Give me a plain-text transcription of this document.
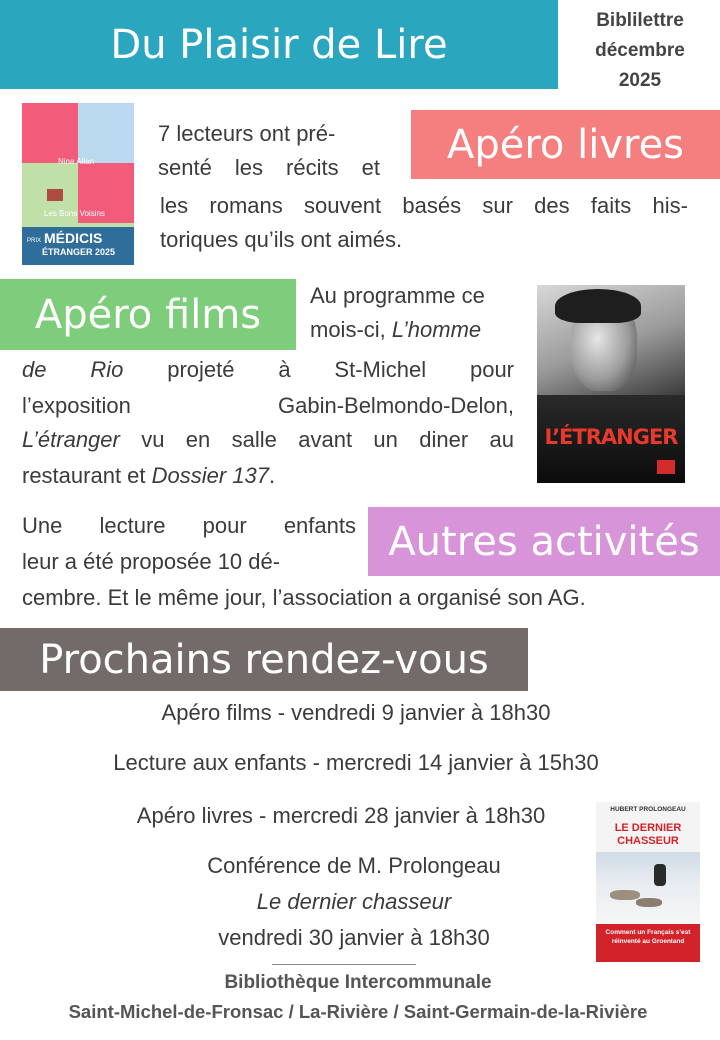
Du Plaisir de Lire
Biblilettre
décembre
2025
Nina Allan
Les Bons Voisins
PRIX MÉDICIS
ÉTRANGER 2025
Apéro livres
7 lecteurs ont pré-
senté les récits et
les romans souvent basés sur des faits his-
toriques qu’ils ont aimés.
Apéro films Au programme ce
mois-ci, L’homme
de Rio projeté à St-Michel pour
l’exposition Gabin-Belmondo-Delon,
L’étranger vu en salle avant un diner au
restaurant et Dossier 137.
L’ÉTRANGER
Autres activités
Une lecture pour enfants
leur a été proposée 10 dé-
cembre. Et le même jour, l’association a organisé son AG.
Prochains rendez-vous
Apéro films - vendredi 9 janvier à 18h30
Lecture aux enfants - mercredi 14 janvier à 15h30
Apéro livres - mercredi 28 janvier à 18h30
Conférence de M. Prolongeau
Le dernier chasseur
vendredi 30 janvier à 18h30
HUBERT PROLONGEAU
LE DERNIER
CHASSEUR
Comment un Français s’est réinventé au Groenland
Bibliothèque Intercommunale
Saint-Michel-de-Fronsac / La-Rivière / Saint-Germain-de-la-Rivière
